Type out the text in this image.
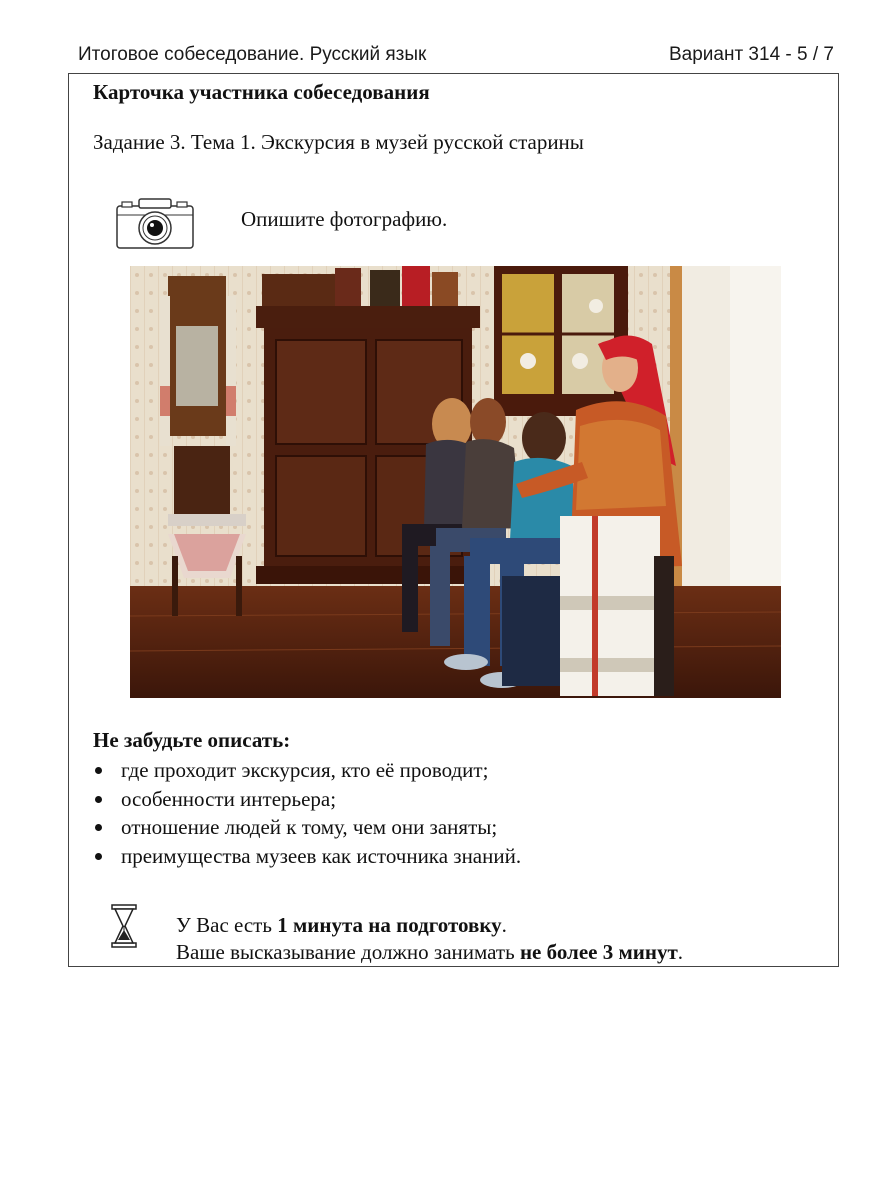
Итоговое собеседование. Русский язык	Вариант 314 - 5 / 7
Карточка участника собеседования
Задание 3. Тема 1. Экскурсия в музей русской старины
Опишите фотографию.
Не забудьте описать:
где проходит экскурсия, кто её проводит;
особенности интерьера;
отношение людей к тому, чем они заняты;
преимущества музеев как источника знаний.
У Вас есть 1 минута на подготовку.
Ваше высказывание должно занимать не более 3 минут.
